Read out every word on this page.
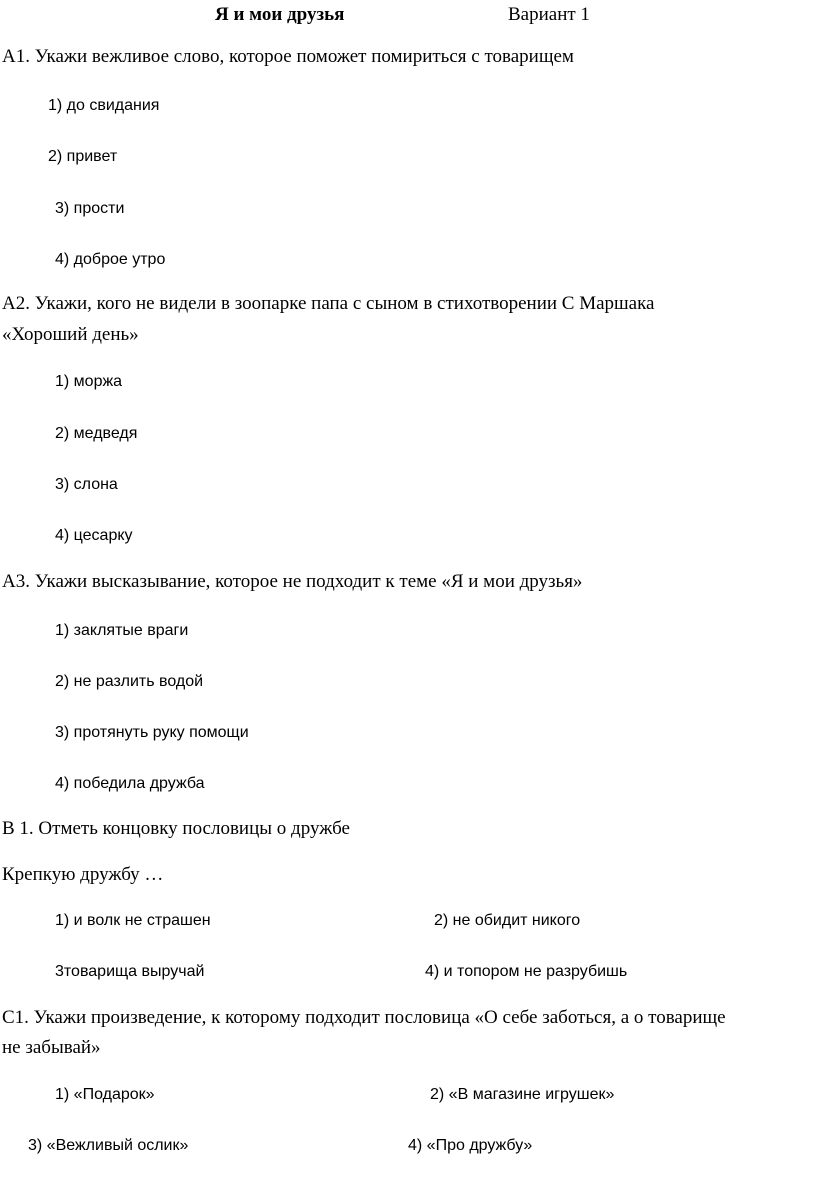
Я и мои друзья	Вариант 1
А1. Укажи вежливое слово, которое поможет помириться с товарищем
1) до свидания
2) привет
3) прости
4) доброе утро
А2. Укажи, кого не видели в зоопарке папа с сыном в стихотворении С Маршака
«Хороший день»
1) моржа
2) медведя
3) слона
4) цесарку
А3. Укажи высказывание, которое не подходит к теме «Я и мои друзья»
1) заклятые враги
2) не разлить водой
3) протянуть руку помощи
4) победила дружба
В 1. Отметь концовку пословицы о дружбе
Крепкую дружбу …
1) и волк не страшен	2) не обидит никого
3товарища выручай	4) и топором не разрубишь
С1. Укажи произведение, к которому подходит пословица «О себе заботься, а о товарище
не забывай»
1) «Подарок»	2) «В магазине игрушек»
3) «Вежливый ослик»	4) «Про дружбу»
